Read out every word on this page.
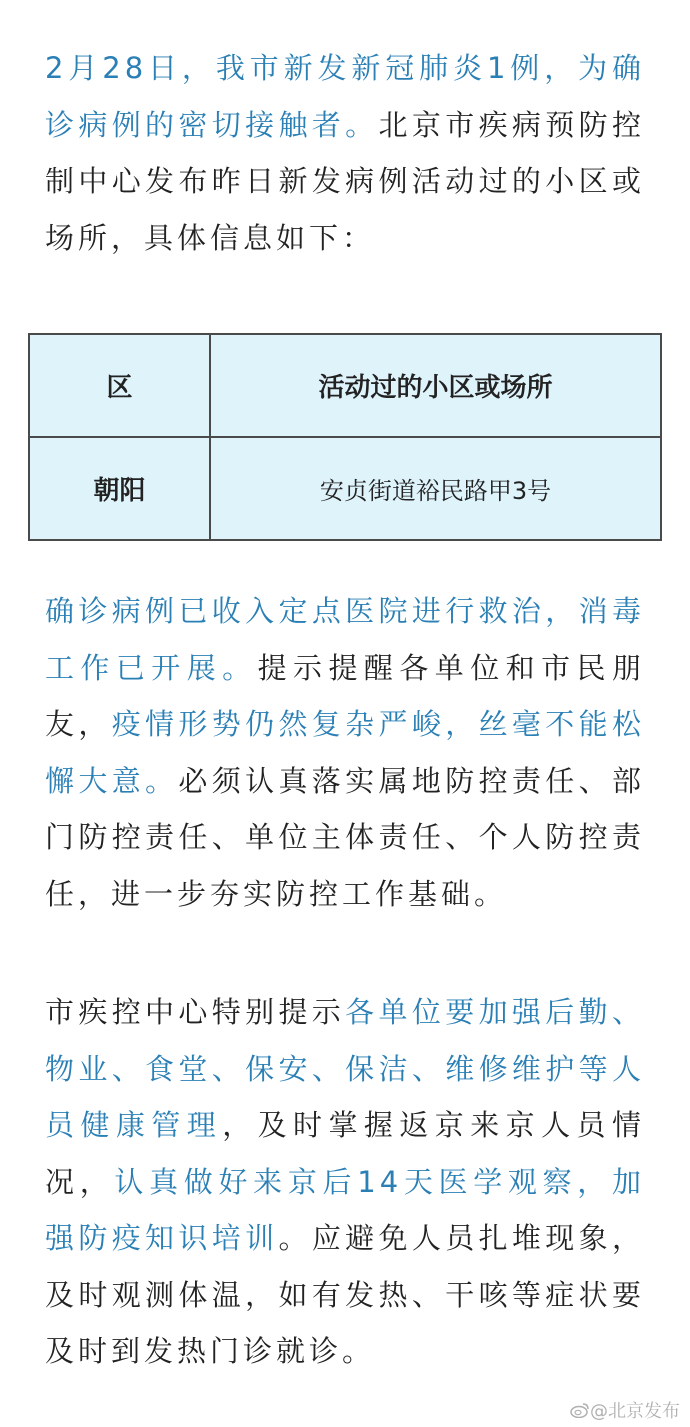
2月28日，我市新发新冠肺炎1例，为确诊病例的密切接触者。北京市疾病预防控制中心发布昨日新发病例活动过的小区或场所，具体信息如下：

区	活动过的小区或场所
朝阳	安贞街道裕民路甲3号

确诊病例已收入定点医院进行救治，消毒工作已开展。提示提醒各单位和市民朋友，疫情形势仍然复杂严峻，丝毫不能松懈大意。必须认真落实属地防控责任、部门防控责任、单位主体责任、个人防控责任，进一步夯实防控工作基础。

市疾控中心特别提示各单位要加强后勤、物业、食堂、保安、保洁、维修维护等人员健康管理，及时掌握返京来京人员情况，认真做好来京后14天医学观察，加强防疫知识培训。应避免人员扎堆现象，及时观测体温，如有发热、干咳等症状要及时到发热门诊就诊。

@北京发布
